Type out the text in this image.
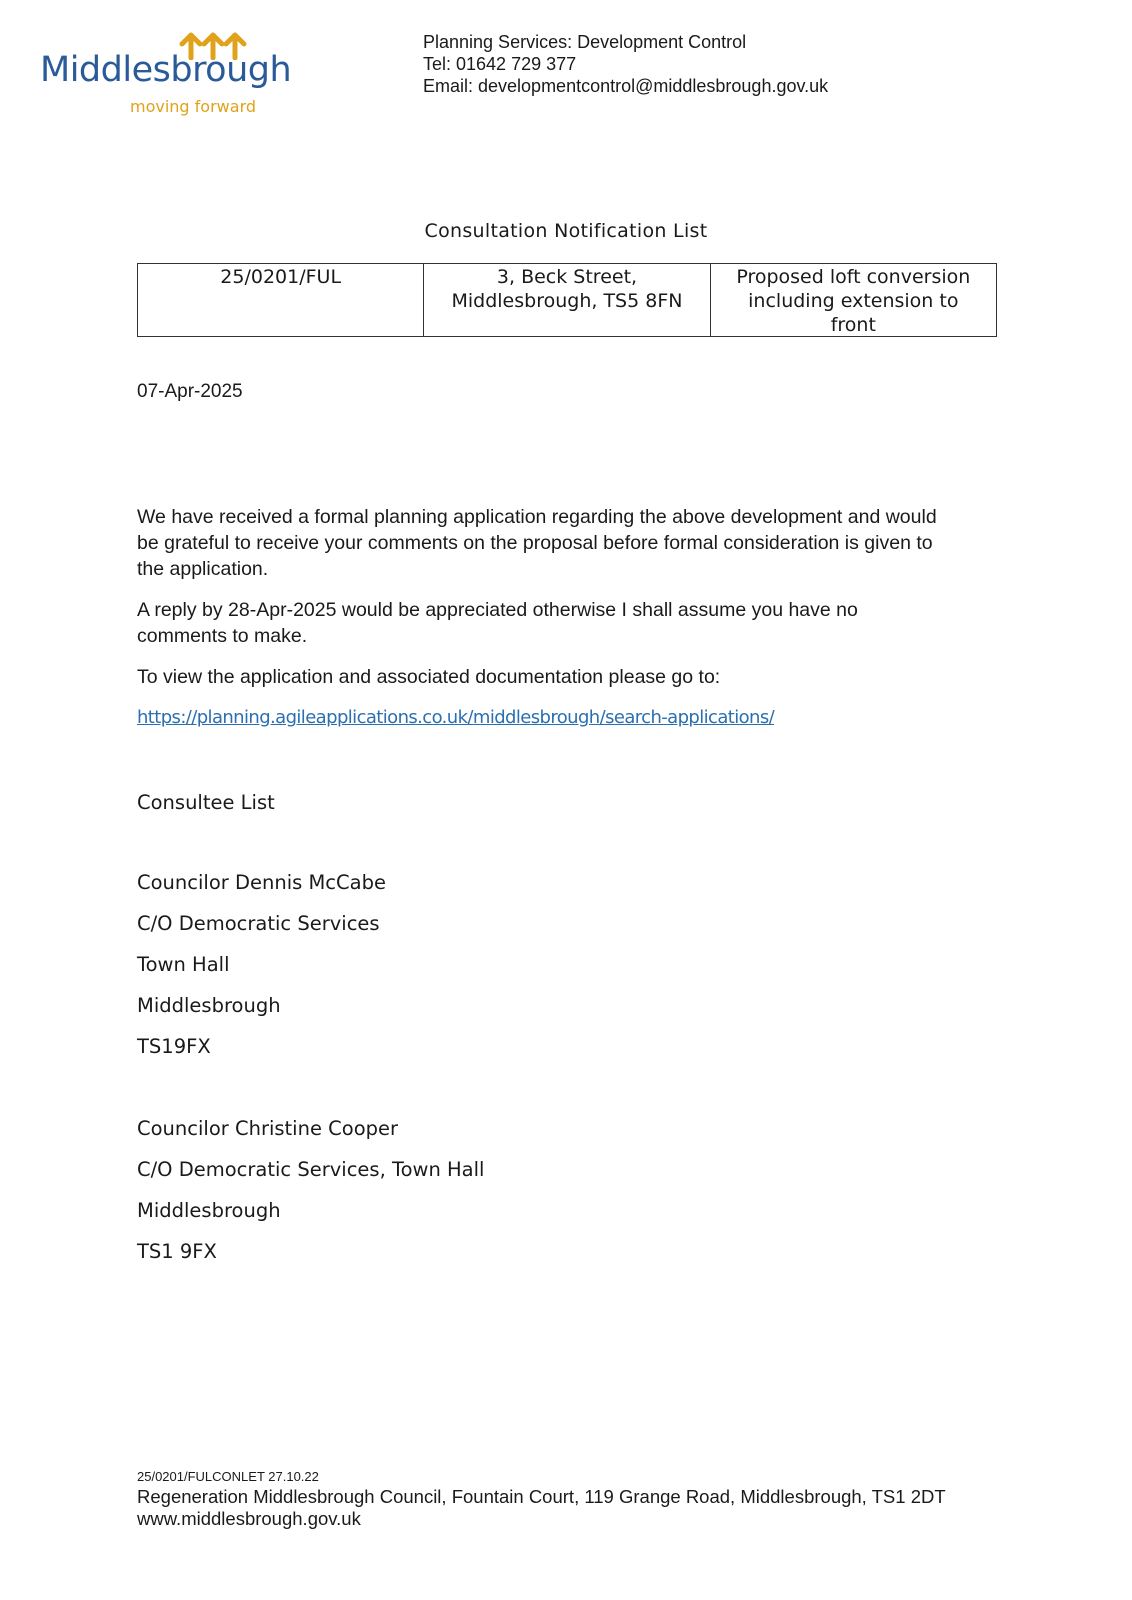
Middlesbrough
moving forward
Planning Services: Development Control
Tel: 01642 729 377
Email: developmentcontrol@middlesbrough.gov.uk
Consultation Notification List
25/0201/FUL	3, Beck Street,
Middlesbrough, TS5 8FN
Proposed loft conversion
including extension to
front
07-Apr-2025
We have received a formal planning application regarding the above development and would
be grateful to receive your comments on the proposal before formal consideration is given to
the application.
A reply by 28-Apr-2025 would be appreciated otherwise I shall assume you have no
comments to make.
To view the application and associated documentation please go to:
https://planning.agileapplications.co.uk/middlesbrough/search-applications/
Consultee List
Councilor Dennis McCabe
C/O Democratic Services
Town Hall
Middlesbrough
TS19FX
Councilor Christine Cooper
C/O Democratic Services, Town Hall
Middlesbrough
TS1 9FX
25/0201/FULCONLET 27.10.22
Regeneration Middlesbrough Council, Fountain Court, 119 Grange Road, Middlesbrough, TS1 2DT
www.middlesbrough.gov.uk
